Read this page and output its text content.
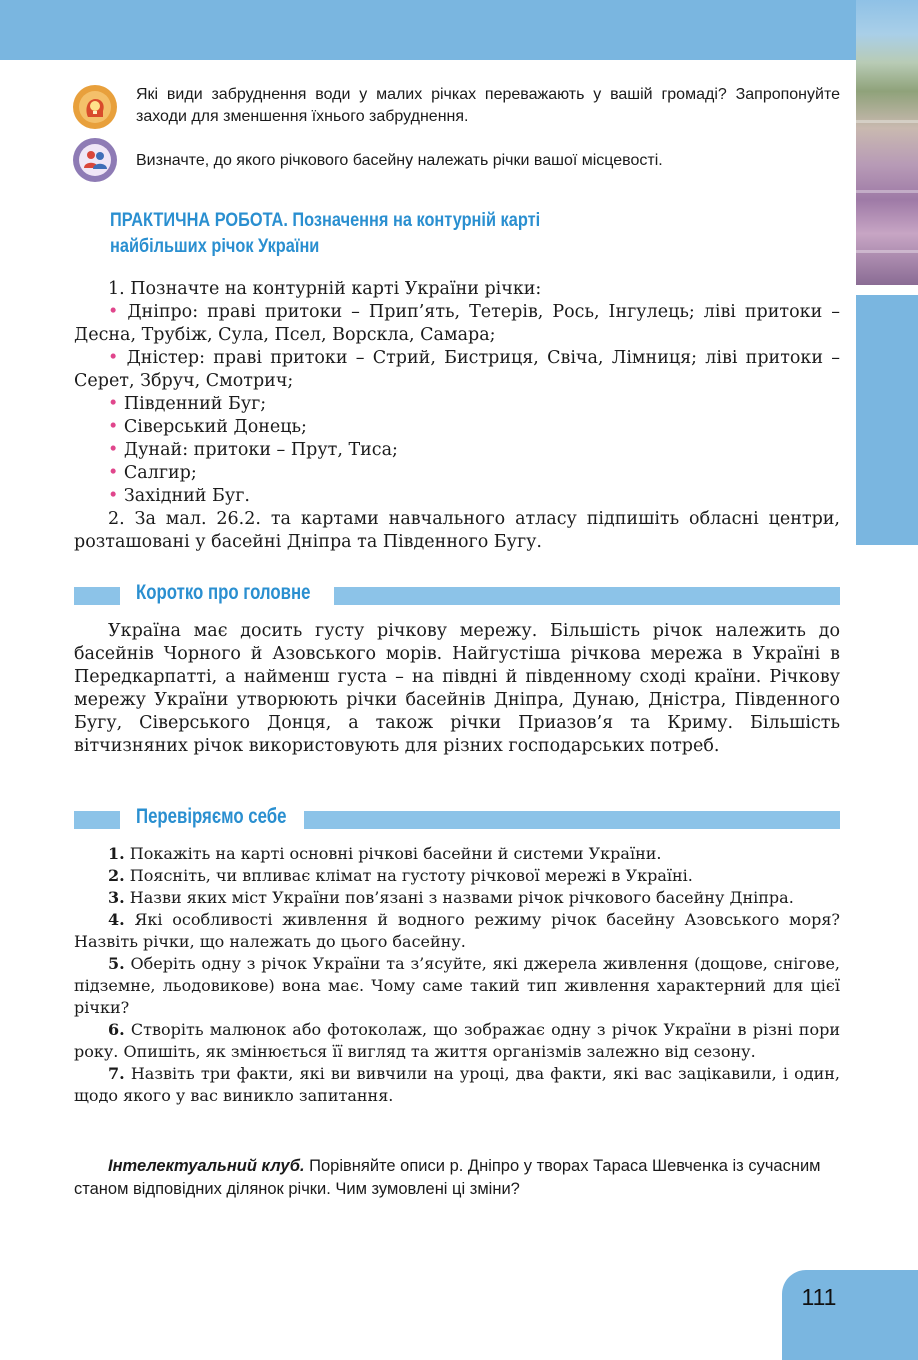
Які види забруднення води у малих річках переважають у вашій громаді? Запропонуйте заходи для зменшення їхнього забруднення.
Визначте, до якого річкового басейну належать річки вашої місцевості.
ПРАКТИЧНА РОБОТА. Позначення на контурній карті
найбільших річок України

1. Позначте на контурній карті України річки:

• Дніпро: праві притоки – Прип’ять, Тетерів, Рось, Інгулець; ліві притоки – Десна, Трубіж, Сула, Псел, Ворскла, Самара;

• Дністер: праві притоки – Стрий, Бистриця, Свіча, Лімниця; ліві притоки – Серет, Збруч, Смотрич;

• Південний Буг;

• Сіверський Донець;

• Дунай: притоки – Прут, Тиса;

• Салгир;

• Західний Буг.

2. За мал. 26.2. та картами навчального атласу підпишіть обласні центри, розташовані у басейні Дніпра та Південного Бугу.

Коротко про головне

Україна має досить густу річкову мережу. Більшість річок належить до басейнів Чорного й Азовського морів. Найгустіша річкова мережа в Україні в Передкарпатті, а найменш густа – на півдні й південному сході країни. Річкову мережу України утворюють річки басейнів Дніпра, Дунаю, Дністра, Південного Бугу, Сіверського Донця, а також річки Приазов’я та Криму. Більшість вітчизняних річок використовують для різних господарських потреб.

Перевіряємо себе

1. Покажіть на карті основні річкові басейни й системи України.

2. Поясніть, чи впливає клімат на густоту річкової мережі в Україні.

3. Назви яких міст України пов’язані з назвами річок річкового басейну Дніпра.

4. Які особливості живлення й водного режиму річок басейну Азовського моря? Назвіть річки, що належать до цього басейну.

5. Оберіть одну з річок України та з’ясуйте, які джерела живлення (дощове, снігове, підземне, льодовикове) вона має. Чому саме такий тип живлення характерний для цієї річки?

6. Створіть малюнок або фотоколаж, що зображає одну з річок України в різні пори року. Опишіть, як змінюється її вигляд та життя організмів залежно від сезону.

7. Назвіть три факти, які ви вивчили на уроці, два факти, які вас зацікавили, і один, щодо якого у вас виникло запитання.

Інтелектуальний клуб. Порівняйте описи р. Дніпро у творах Тараса Шевченка із сучасним станом відповідних ділянок річки. Чим зумовлені ці зміни?
111
